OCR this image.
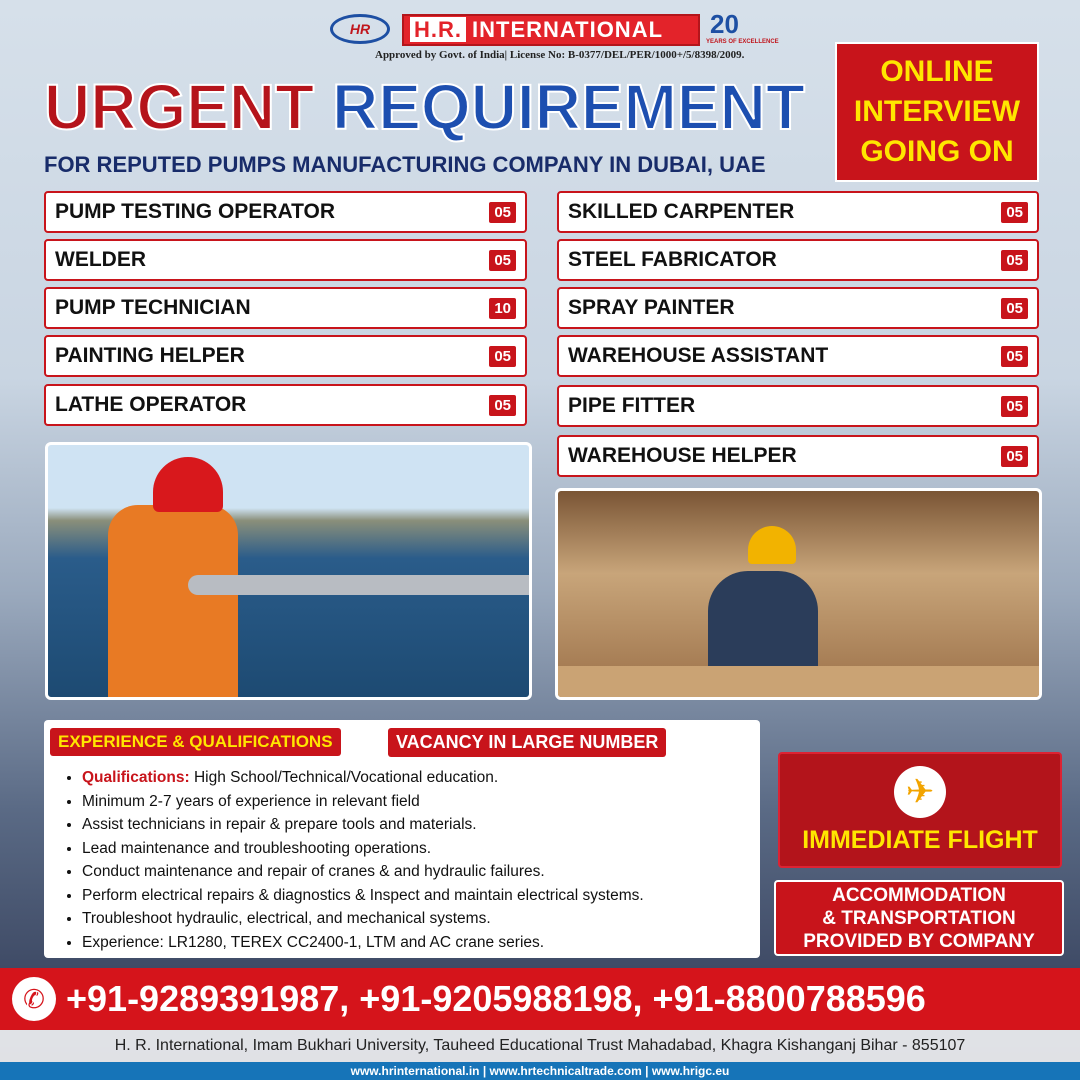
HR	H.R. INTERNATIONAL	20
YEARS OF EXCELLENCE
Approved by Govt. of India| License No: B-0377/DEL/PER/1000+/5/8398/2009.
URGENT REQUIREMENT
FOR REPUTED PUMPS MANUFACTURING COMPANY IN DUBAI, UAE
ONLINE
INTERVIEW
GOING ON
PUMP TESTING OPERATOR	05
WELDER	05
PUMP TECHNICIAN	10
PAINTING HELPER	05
LATHE OPERATOR	05
SKILLED CARPENTER	05
STEEL FABRICATOR	05
SPRAY PAINTER	05
WAREHOUSE ASSISTANT	05
PIPE FITTER	05
WAREHOUSE HELPER	05
EXPERIENCE & QUALIFICATIONS	VACANCY IN LARGE NUMBER
• Qualifications: High School/Technical/Vocational education.
• Minimum 2-7 years of experience in relevant field
• Assist technicians in repair & prepare tools and materials.
• Lead maintenance and troubleshooting operations.
• Conduct maintenance and repair of cranes & and hydraulic failures.
• Perform electrical repairs & diagnostics & Inspect and maintain electrical systems.
• Troubleshoot hydraulic, electrical, and mechanical systems.
• Experience: LR1280, TEREX CC2400-1, LTM and AC crane series.
✈
IMMEDIATE FLIGHT
ACCOMMODATION
& TRANSPORTATION
PROVIDED BY COMPANY
✆ +91-9289391987, +91-9205988198, +91-8800788596
H. R. International, Imam Bukhari University, Tauheed Educational Trust Mahadabad, Khagra Kishanganj Bihar - 855107
www.hrinternational.in | www.hrtechnicaltrade.com | www.hrigc.eu
